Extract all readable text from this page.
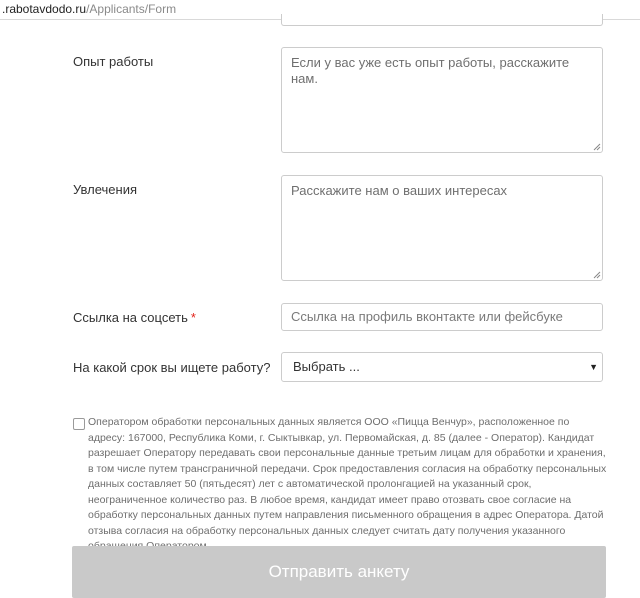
.rabotavdodo.ru/Applicants/Form
Опыт работы	Если у вас уже есть опыт работы, расскажите нам.
Увлечения	Расскажите нам о ваших интересах
Ссылка на соцсеть *	Ссылка на профиль вконтакте или фейсбуке
На какой срок вы ищете работу?	Выбрать ...	▼
Оператором обработки персональных данных является ООО «Пицца Венчур», расположенное по адресу: 167000, Республика Коми, г. Сыктывкар, ул. Первомайская, д. 85 (далее - Оператор). Кандидат разрешает Оператору передавать свои персональные данные третьим лицам для обработки и хранения, в том числе путем трансграничной передачи. Срок предоставления согласия на обработку персональных данных составляет 50 (пятьдесят) лет с автоматической пролонгацией на указанный срок, неограниченное количество раз. В любое время, кандидат имеет право отозвать свое согласие на обработку персональных данных путем направления письменного обращения в адрес Оператора. Датой отзыва согласия на обработку персональных данных следует считать дату получения указанного
Отправить анкету
